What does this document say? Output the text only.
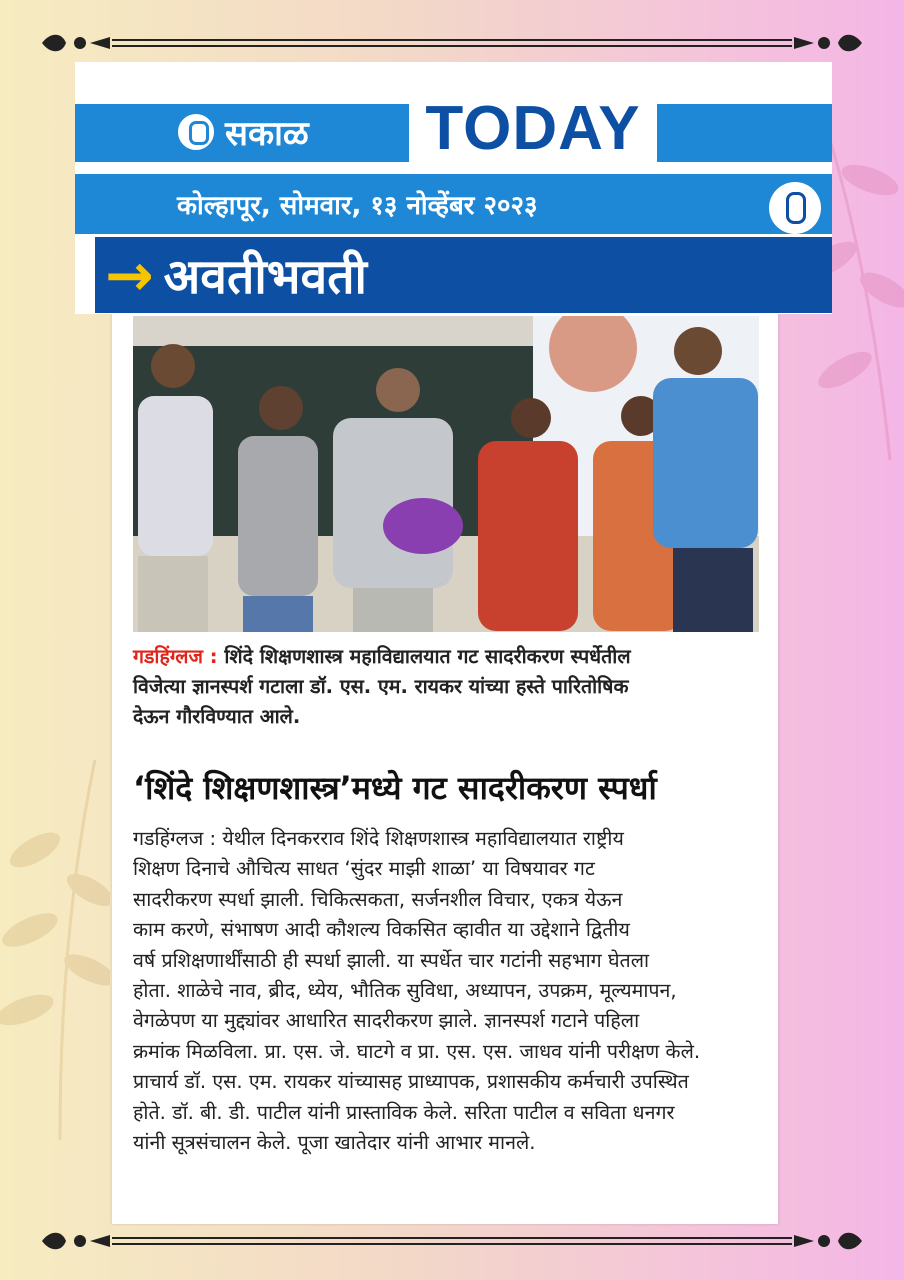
सकाळ TODAY
कोल्हापूर, सोमवार, १३ नोव्हेंबर २०२३
→ अवतीभवती
गडहिंग्लज : शिंदे शिक्षणशास्त्र महाविद्यालयात गट सादरीकरण स्पर्धेतील
विजेत्या ज्ञानस्पर्श गटाला डॉ. एस. एम. रायकर यांच्या हस्ते पारितोषिक
देऊन गौरविण्यात आले.
‘शिंदे शिक्षणशास्त्र’मध्ये गट सादरीकरण स्पर्धा

गडहिंग्लज : येथील दिनकरराव शिंदे शिक्षणशास्त्र महाविद्यालयात राष्ट्रीय

शिक्षण दिनाचे औचित्य साधत ‘सुंदर माझी शाळा’ या विषयावर गट

सादरीकरण स्पर्धा झाली. चिकित्सकता, सर्जनशील विचार, एकत्र येऊन

काम करणे, संभाषण आदी कौशल्य विकसित व्हावीत या उद्देशाने द्वितीय

वर्ष प्रशिक्षणार्थींसाठी ही स्पर्धा झाली. या स्पर्धेत चार गटांनी सहभाग घेतला

होता. शाळेचे नाव, ब्रीद, ध्येय, भौतिक सुविधा, अध्यापन, उपक्रम, मूल्यमापन,

वेगळेपण या मुद्द्यांवर आधारित सादरीकरण झाले. ज्ञानस्पर्श गटाने पहिला

क्रमांक मिळविला. प्रा. एस. जे. घाटगे व प्रा. एस. एस. जाधव यांनी परीक्षण केले.

प्राचार्य डॉ. एस. एम. रायकर यांच्यासह प्राध्यापक, प्रशासकीय कर्मचारी उपस्थित

होते. डॉ. बी. डी. पाटील यांनी प्रास्ताविक केले. सरिता पाटील व सविता धनगर

यांनी सूत्रसंचालन केले. पूजा खातेदार यांनी आभार मानले.
